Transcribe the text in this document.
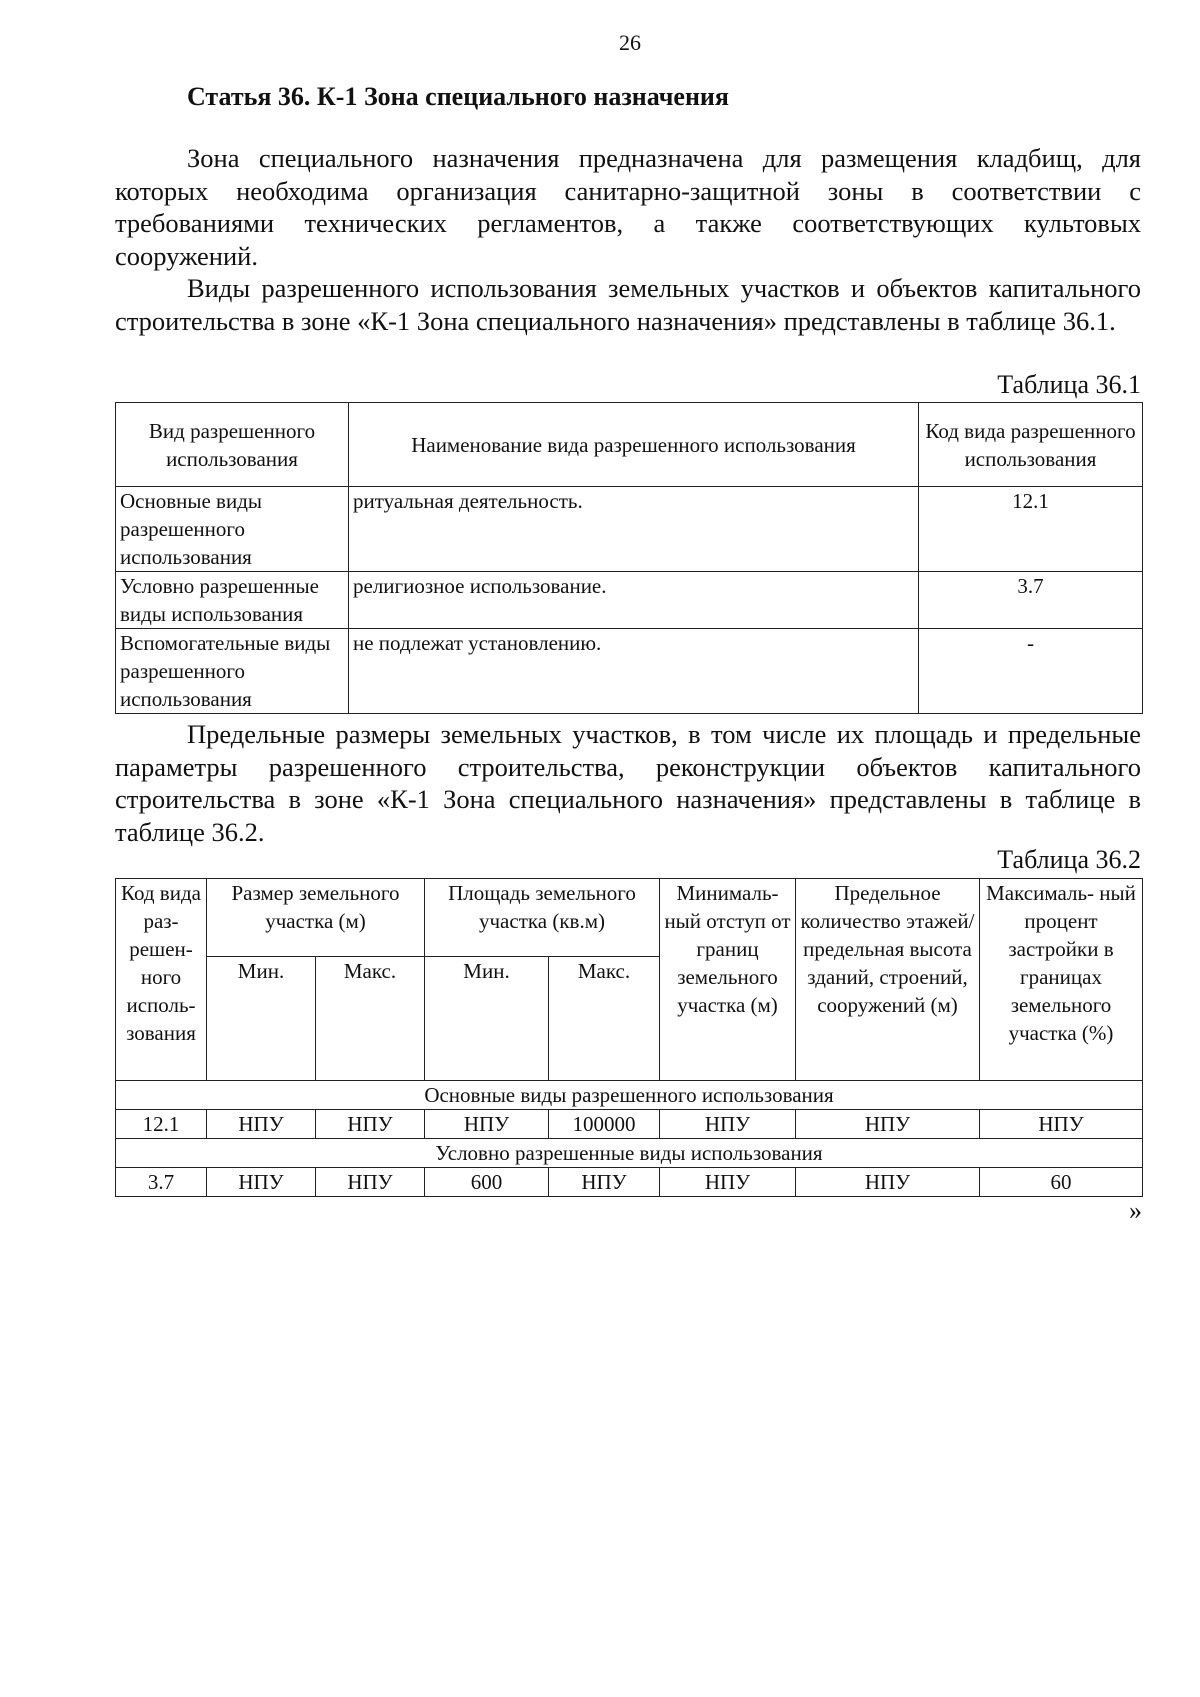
26
Статья 36. К-1 Зона специального назначения
Зона специального назначения предназначена для размещения кладбищ, для которых необходима организация санитарно-защитной зоны в соответствии с требованиями технических регламентов, а также соответствующих культовых сооружений.
Виды разрешенного использования земельных участков и объектов капитального строительства в зоне «К-1 Зона специального назначения» представлены в таблице 36.1.
Таблица 36.1
Вид разрешенного использования	Наименование вида разрешенного использования	Код вида разрешенного использования
Основные виды разрешенного использования	ритуальная деятельность.	12.1
Условно разрешенные виды использования	религиозное использование.	3.7
Вспомогательные виды разрешенного использования	не подлежат установлению.	-
Предельные размеры земельных участков, в том числе их площадь и предельные параметры разрешенного строительства, реконструкции объектов капитального строительства в зоне «К-1 Зона специального назначения» представлены в таблице в таблице 36.2.
Таблица 36.2
Код вида раз- решен- ного исполь- зования	Размер земельного участка (м)		Площадь земельного участка (кв.м)		Минималь- ный отступ от границ земельного участка (м)	Предельное количество этажей/ предельная высота зданий, строений, сооружений (м)	Максималь- ный процент застройки в границах земельного участка (%)
	Мин.	Макс.	Мин.	Макс.			
Основные виды разрешенного использования							
12.1	НПУ	НПУ	НПУ	100000	НПУ	НПУ	НПУ
Условно разрешенные виды использования							
3.7	НПУ	НПУ	600	НПУ	НПУ	НПУ	60
»
